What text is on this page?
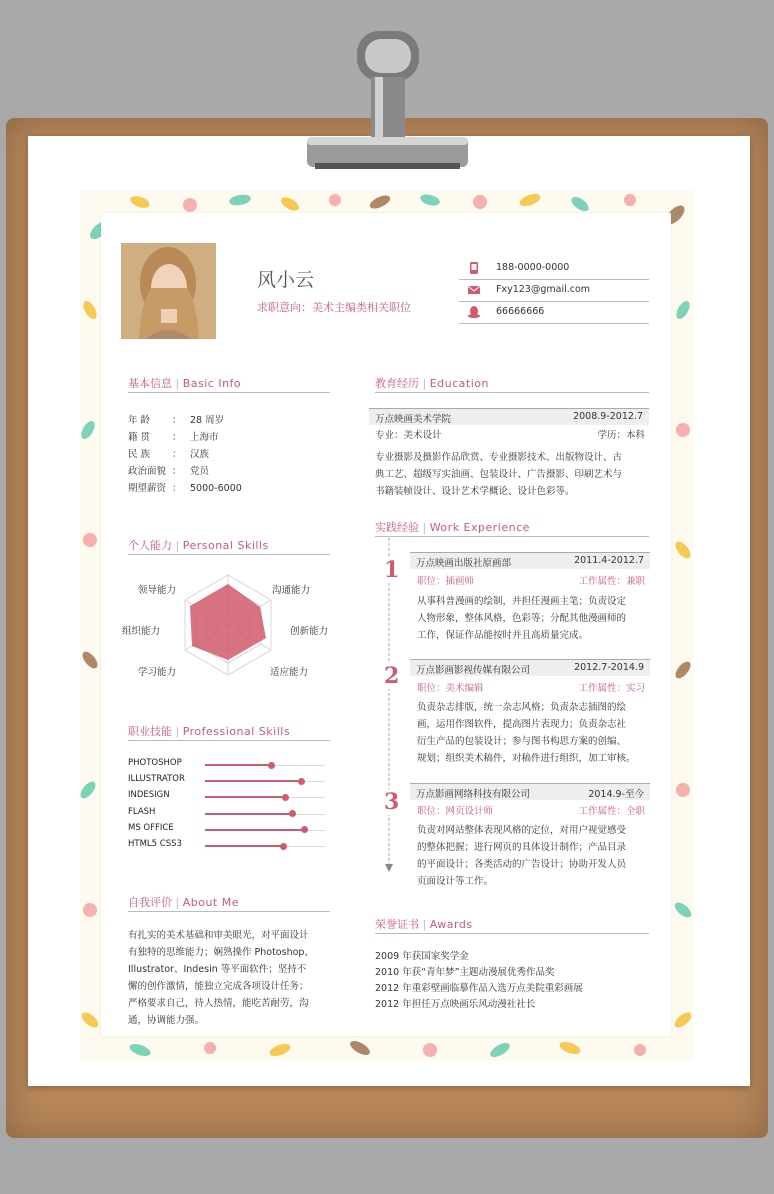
风小云
求职意向：美术主编类相关职位
188-0000-0000
Fxy123@gmail.com
66666666
基本信息 | Basic Info
年龄 ： 28 周岁
籍贯 ： 上海市
民族 ： 汉族
政治面貌 ： 党员
期望薪资 ： 5000-6000
个人能力 | Personal Skills
领导能力	沟通能力
组织能力	创新能力
学习能力	适应能力
职业技能 | Professional Skills
PHOTOSHOP
ILLUSTRATOR
INDESIGN
FLASH
MS OFFICE
HTML5 CSS3
自我评价 | About Me
有扎实的美术基础和审美眼光，对平面设计
有独特的思维能力；娴熟操作 Photoshop、
Illustrator、Indesin 等平面软件；坚持不
懈的创作激情，能独立完成各项设计任务；
严格要求自己，待人热情，能吃苦耐劳，沟
通，协调能力强。
教育经历 | Education
万点映画美术学院	2008.9-2012.7
专业：美术设计	学历：本科
专业摄影及摄影作品欣赏、专业摄影技术、出版物设计、古
典工艺、超级写实油画、包装设计、广告摄影、印刷艺术与
书籍装帧设计、设计艺术学概论、设计色彩等。
实践经验 | Work Experience
1 万点映画出版社原画部	2011.4-2012.7
职位：插画师	工作属性：兼职
从事科普漫画的绘制，并担任漫画主笔；负责设定
人物形象，整体风格，色彩等；分配其他漫画师的
工作，保证作品能按时并且高质量完成。
2 万点影画影视传媒有限公司	2012.7-2014.9
职位：美术编辑	工作属性：实习
负责杂志排版，统一杂志风格；负责杂志插图的绘
画，运用作图软件，提高图片表现力；负责杂志社
衍生产品的包装设计；参与图书构思方案的创编、
规划；组织美术稿件，对稿件进行组织，加工审核。
3 万点影画网络科技有限公司	2014.9-至今
职位：网页设计师	工作属性：全职
负责对网站整体表现风格的定位，对用户视觉感受
的整体把握；进行网页的具体设计制作；产品目录
的平面设计；各类活动的广告设计；协助开发人员
页面设计等工作。
荣誉证书 | Awards
2009 年获国家奖学金
2010 年获“青年梦”主题动漫展优秀作品奖
2012 年重彩壁画临摹作品入选万点美院重彩画展
2012 年担任万点映画乐风动漫社社长
